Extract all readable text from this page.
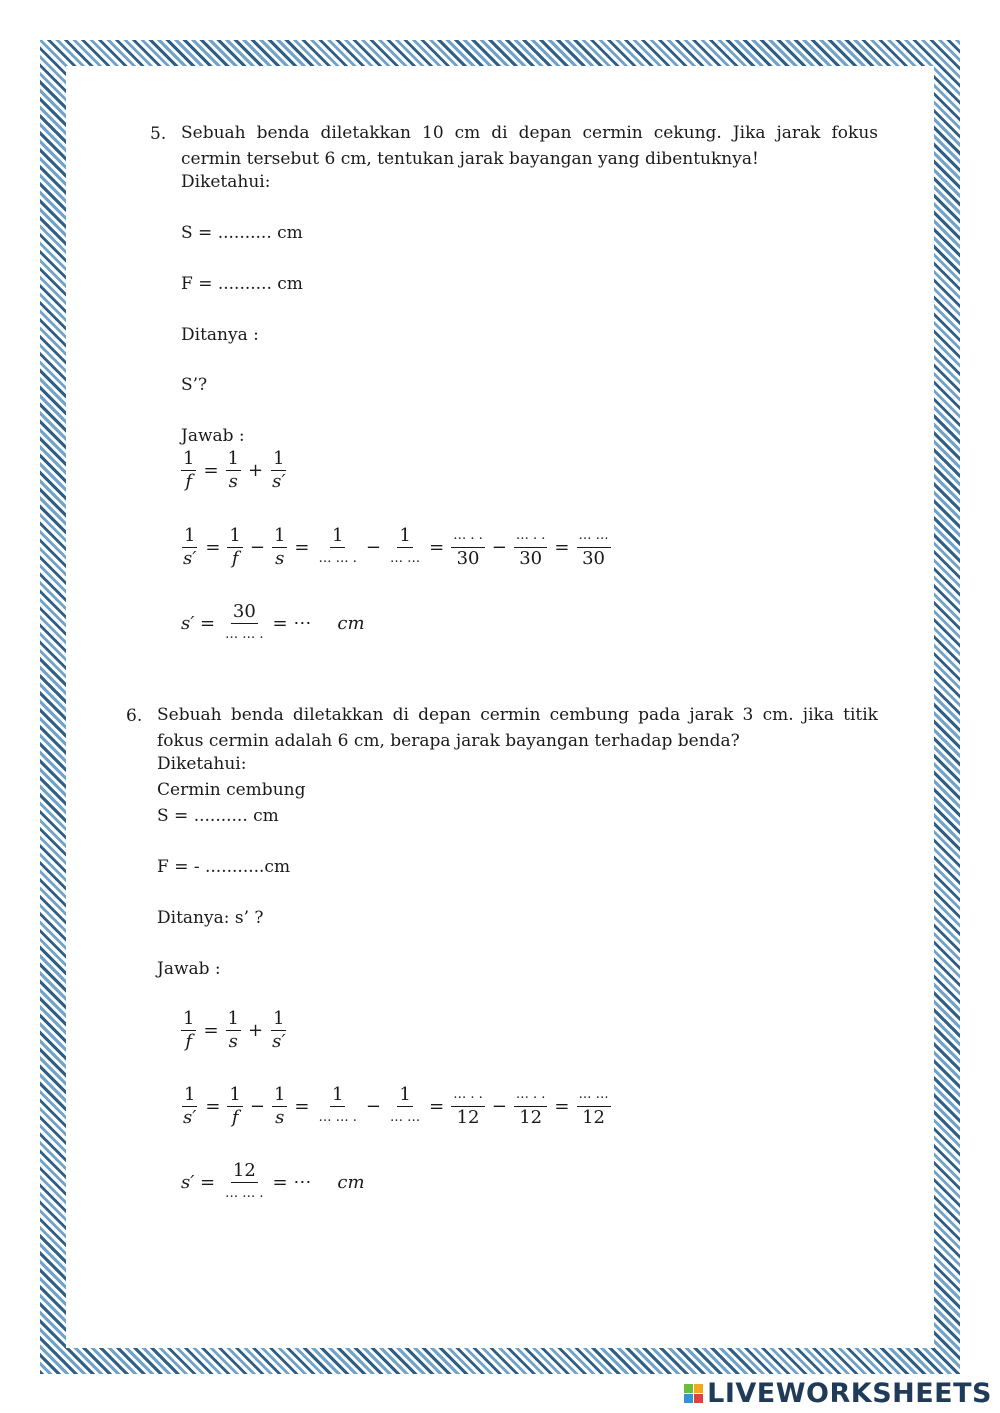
5. Sebuah benda diletakkan 10 cm di depan cermin cekung. Jika jarak fokus cermin tersebut 6 cm, tentukan jarak bayangan yang dibentuknya!
Diketahui:
S = .......... cm
F = .......... cm
Ditanya :
S’?
Jawab :
$\frac{1}{f} = \frac{1}{s} + \frac{1}{s'}$
$\frac{1}{s'} = \frac{1}{f} - \frac{1}{s} = \frac{1}{\dots \dots .} - \frac{1}{\dots \dots} = \frac{\dots . .}{30} - \frac{\dots . .}{30} = \frac{\dots \dots}{30}$
$s' = \frac{30}{\dots \dots .}$ = ⋯ cm
6. Sebuah benda diletakkan di depan cermin cembung pada jarak 3 cm. jika titik fokus cermin adalah 6 cm, berapa jarak bayangan terhadap benda?
Diketahui:
Cermin cembung
S = .......... cm
F = - ...........cm
Ditanya: s’ ?
Jawab :
$\frac{1}{f} = \frac{1}{s} + \frac{1}{s'}$
$\frac{1}{s'} = \frac{1}{f} - \frac{1}{s} = \frac{1}{\dots \dots .} - \frac{1}{\dots \dots} = \frac{\dots . .}{12} - \frac{\dots . .}{12} = \frac{\dots \dots}{12}$
$s' = \frac{12}{\dots \dots .}$ = ⋯ cm
LIVEWORKSHEETS
